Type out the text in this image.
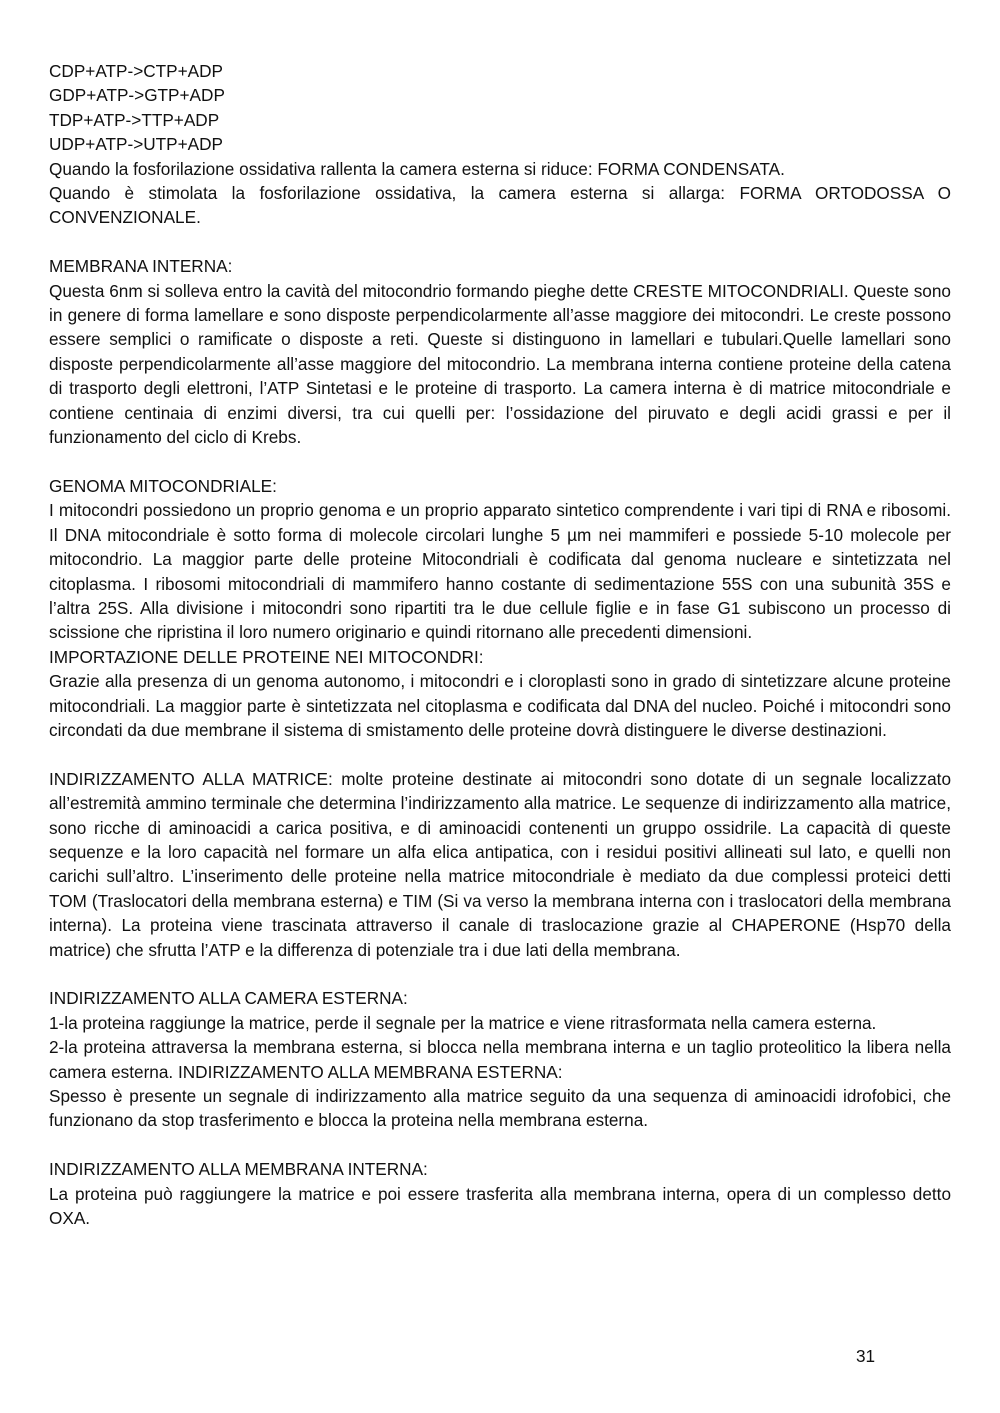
CDP+ATP->CTP+ADP

GDP+ATP->GTP+ADP

TDP+ATP->TTP+ADP

UDP+ATP->UTP+ADP

Quando la fosforilazione ossidativa rallenta la camera esterna si riduce: FORMA CONDENSATA.

Quando è stimolata la fosforilazione ossidativa, la camera esterna si allarga: FORMA ORTODOSSA O CONVENZIONALE.

MEMBRANA INTERNA:

Questa 6nm si solleva entro la cavità del mitocondrio formando pieghe dette CRESTE MITOCONDRIALI. Queste sono in genere di forma lamellare e sono disposte perpendicolarmente all’asse maggiore dei mitocondri. Le creste possono essere semplici o ramificate o disposte a reti. Queste si distinguono in lamellari e tubulari.Quelle lamellari sono disposte perpendicolarmente all’asse maggiore del mitocondrio. La membrana interna contiene proteine della catena di trasporto degli elettroni, l’ATP Sintetasi e le proteine di trasporto. La camera interna è di matrice mitocondriale e contiene centinaia di enzimi diversi, tra cui quelli per: l’ossidazione del piruvato e degli acidi grassi e per il funzionamento del ciclo di Krebs.

GENOMA MITOCONDRIALE:

I mitocondri possiedono un proprio genoma e un proprio apparato sintetico comprendente i vari tipi di RNA e ribosomi. Il DNA mitocondriale è sotto forma di molecole circolari lunghe 5 µm nei mammiferi e possiede 5-10 molecole per mitocondrio. La maggior parte delle proteine Mitocondriali è codificata dal genoma nucleare e sintetizzata nel citoplasma. I ribosomi mitocondriali di mammifero hanno costante di sedimentazione 55S con una subunità 35S e l’altra 25S. Alla divisione i mitocondri sono ripartiti tra le due cellule figlie e in fase G1 subiscono un processo di scissione che ripristina il loro numero originario e quindi ritornano alle precedenti dimensioni.

IMPORTAZIONE DELLE PROTEINE NEI MITOCONDRI:

Grazie alla presenza di un genoma autonomo, i mitocondri e i cloroplasti sono in grado di sintetizzare alcune proteine mitocondriali. La maggior parte è sintetizzata nel citoplasma e codificata dal DNA del nucleo. Poiché i mitocondri sono circondati da due membrane il sistema di smistamento delle proteine dovrà distinguere le diverse destinazioni.

INDIRIZZAMENTO ALLA MATRICE: molte proteine destinate ai mitocondri sono dotate di un segnale localizzato all’estremità ammino terminale che determina l’indirizzamento alla matrice. Le sequenze di indirizzamento alla matrice, sono ricche di aminoacidi a carica positiva, e di aminoacidi contenenti un gruppo ossidrile. La capacità di queste sequenze e la loro capacità nel formare un alfa elica antipatica, con i residui positivi allineati sul lato, e quelli non carichi sull’altro. L’inserimento delle proteine nella matrice mitocondriale è mediato da due complessi proteici detti TOM (Traslocatori della membrana esterna) e TIM (Si va verso la membrana interna con i traslocatori della membrana interna). La proteina viene trascinata attraverso il canale di traslocazione grazie al CHAPERONE (Hsp70 della matrice) che sfrutta l’ATP e la differenza di potenziale tra i due lati della membrana.

INDIRIZZAMENTO ALLA CAMERA ESTERNA:

1-la proteina raggiunge la matrice, perde il segnale per la matrice e viene ritrasformata nella camera esterna.

2-la proteina attraversa la membrana esterna, si blocca nella membrana interna e un taglio proteolitico la libera nella camera esterna. INDIRIZZAMENTO ALLA MEMBRANA ESTERNA:

Spesso è presente un segnale di indirizzamento alla matrice seguito da una sequenza di aminoacidi idrofobici, che funzionano da stop trasferimento e blocca la proteina nella membrana esterna.

INDIRIZZAMENTO ALLA MEMBRANA INTERNA:

La proteina può raggiungere la matrice e poi essere trasferita alla membrana interna, opera di un complesso detto OXA.

31
